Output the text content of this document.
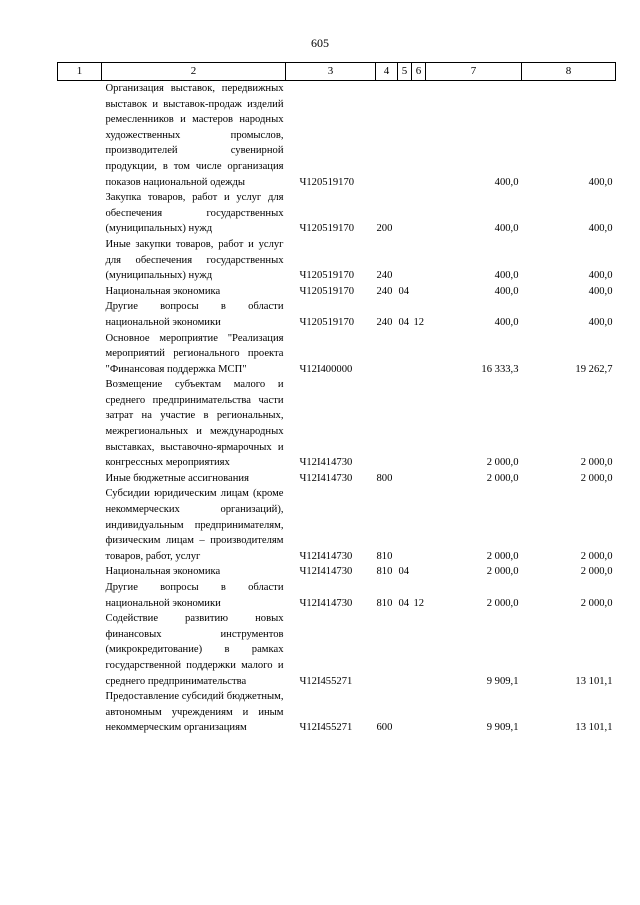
605
1	2	3	4	5	6	7	8
	Организация выставок, передвижных выставок и выставок-продаж изделий ремесленников и мастеров народных художественных промыслов, производителей сувенирной продукции, в том числе организация показов национальной одежды	Ч120519170				400,0	400,0
	Закупка товаров, работ и услуг для обеспечения государственных (муниципальных) нужд	Ч120519170	200			400,0	400,0
	Иные закупки товаров, работ и услуг для обеспечения государственных (муниципальных) нужд	Ч120519170	240			400,0	400,0
	Национальная экономика	Ч120519170	240	04		400,0	400,0
	Другие вопросы в области национальной экономики	Ч120519170	240	04	12	400,0	400,0
	Основное мероприятие "Реализация мероприятий регионального проекта "Финансовая поддержка МСП"	Ч12I400000				16 333,3	19 262,7
	Возмещение субъектам малого и среднего предпринимательства части затрат на участие в региональных, межрегиональных и международных выставках, выставочно-ярмарочных и конгрессных мероприятиях	Ч12I414730				2 000,0	2 000,0
	Иные бюджетные ассигнования	Ч12I414730	800			2 000,0	2 000,0
	Субсидии юридическим лицам (кроме некоммерческих организаций), индивидуальным предпринимателям, физическим лицам – производителям товаров, работ, услуг	Ч12I414730	810			2 000,0	2 000,0
	Национальная экономика	Ч12I414730	810	04		2 000,0	2 000,0
	Другие вопросы в области национальной экономики	Ч12I414730	810	04	12	2 000,0	2 000,0
	Содействие развитию новых финансовых инструментов (микрокредитование) в рамках государственной поддержки малого и среднего предпринимательства	Ч12I455271				9 909,1	13 101,1
	Предоставление субсидий бюджетным, автономным учреждениям и иным некоммерческим организациям	Ч12I455271	600			9 909,1	13 101,1
